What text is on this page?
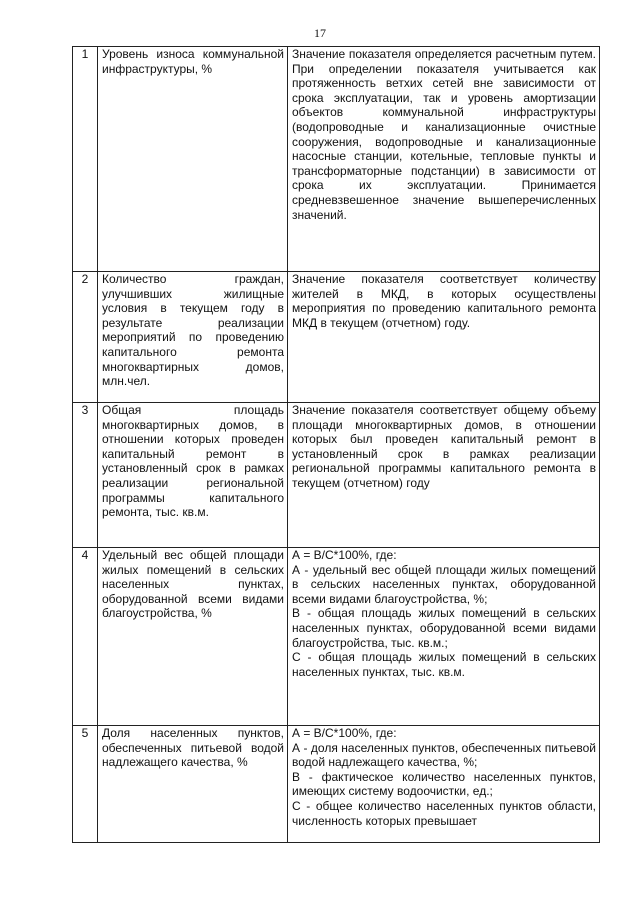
17
1	Уровень износа коммунальной инфраструктуры, %	Значение показателя определяется расчетным путем. При определении показателя учитывается как протяженность ветхих сетей вне зависимости от срока эксплуатации, так и уровень амортизации объектов коммунальной инфраструктуры (водопроводные и канализационные очистные сооружения, водопроводные и канализационные насосные станции, котельные, тепловые пункты и трансформаторные подстанции) в зависимости от срока их эксплуатации. Принимается средневзвешенное значение вышеперечисленных значений.

2	Количество граждан, улучшивших жилищные условия в текущем году в результате реализации мероприятий по проведению капитального ремонта многоквартирных домов, млн.чел.	Значение показателя соответствует количеству жителей в МКД, в которых осуществлены мероприятия по проведению капитального ремонта МКД в текущем (отчетном) году.

3	Общая площадь многоквартирных домов, в отношении которых проведен капитальный ремонт в установленный срок в рамках реализации региональной программы капитального ремонта, тыс. кв.м.	Значение показателя соответствует общему объему площади многоквартирных домов, в отношении которых был проведен капитальный ремонт в установленный срок в рамках реализации региональной программы капитального ремонта в текущем (отчетном) году

4	Удельный вес общей площади жилых помещений в сельских населенных пунктах, оборудованной всеми видами благоустройства, %	А = В/С*100%, где:
А - удельный вес общей площади жилых помещений в сельских населенных пунктах, оборудованной всеми видами благоустройства, %;
В - общая площадь жилых помещений в сельских населенных пунктах, оборудованной всеми видами благоустройства, тыс. кв.м.;
С - общая площадь жилых помещений в сельских населенных пунктах, тыс. кв.м.

5	Доля населенных пунктов, обеспеченных питьевой водой надлежащего качества, %	А = В/С*100%, где:
А - доля населенных пунктов, обеспеченных питьевой водой надлежащего качества, %;
В - фактическое количество населенных пунктов, имеющих систему водоочистки, ед.;
С - общее количество населенных пунктов области, численность которых превышает
